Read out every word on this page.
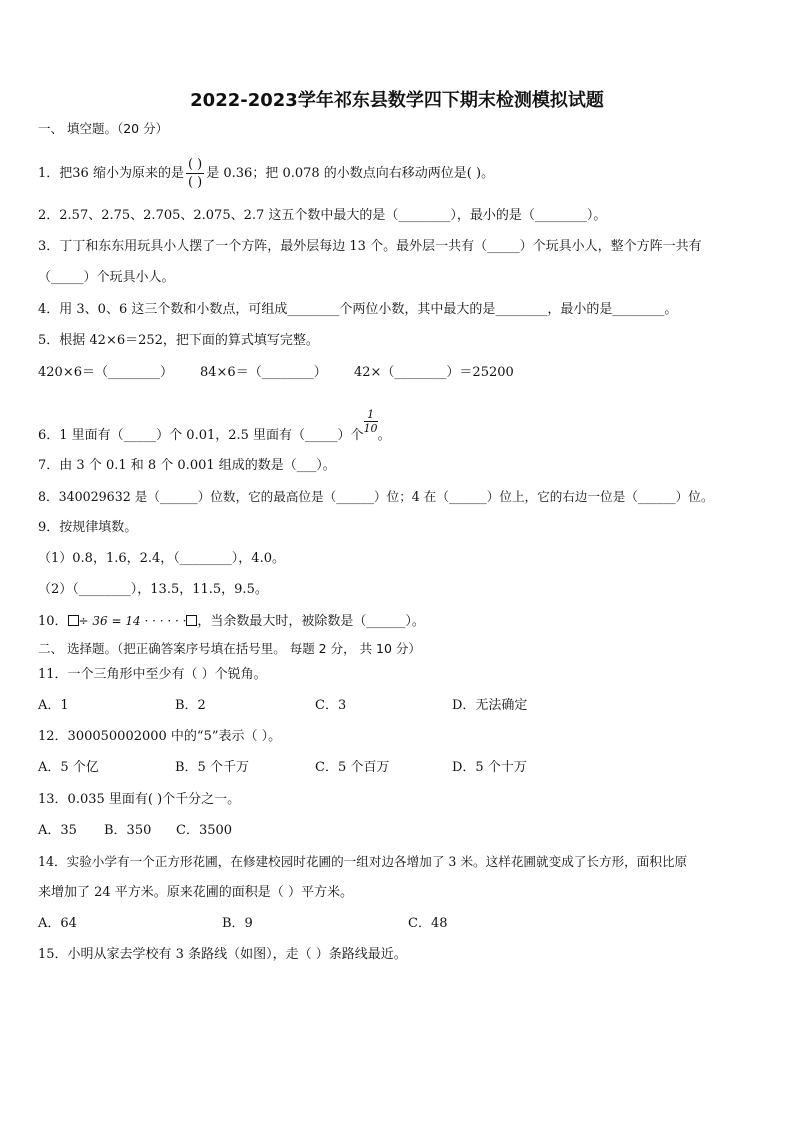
2022-2023学年祁东县数学四下期末检测模拟试题
一、 填空题。（20 分）
1．把36 缩小为原来的是 $\frac{( )}{( )}$ 是 0.36；把 0.078 的小数点向右移动两位是( )。
2．2.57、2.75、2.705、2.075、2.7 这五个数中最大的是（________），最小的是（________）。
3．丁丁和东东用玩具小人摆了一个方阵，最外层每边 13 个。最外层一共有（_____）个玩具小人，整个方阵一共有
（_____）个玩具小人。
4．用 3、0、6 这三个数和小数点，可组成________个两位小数，其中最大的是________，最小的是________。
5．根据 42×6＝252，把下面的算式填写完整。
420×6＝（________） 84×6＝（________） 42×（________）＝25200
6．1 里面有（_____）个 0.01，2.5 里面有（_____）个
$\frac{1}{10}$
。
7．由 3 个 0.1 和 8 个 0.001 组成的数是（___）。
8．340029632 是（______）位数，它的最高位是（______）位；4 在（______）位上，它的右边一位是（______）位。
9．按规律填数。
（1）0.8，1.6，2.4，（________），4.0。
（2）（________），13.5，11.5，9.5。
10． ÷ 36 = 14 · · · · · · ，当余数最大时，被除数是（______）。
二、 选择题。（把正确答案序号填在括号里。 每题 2 分， 共 10 分）
11．一个三角形中至少有（ ）个锐角。
A．1	B．2	C．3	D．无法确定
12．300050002000 中的“5”表示（ ）。
A．5 个亿	B．5 个千万	C．5 个百万	D．5 个十万
13．0.035 里面有( )个千分之一。
A．35 B．350 C．3500
14．实验小学有一个正方形花圃，在修建校园时花圃的一组对边各增加了 3 米。这样花圃就变成了长方形，面积比原
来增加了 24 平方米。原来花圃的面积是（ ）平方米。
A．64	B．9	C．48
15．小明从家去学校有 3 条路线（如图），走（ ）条路线最近。
